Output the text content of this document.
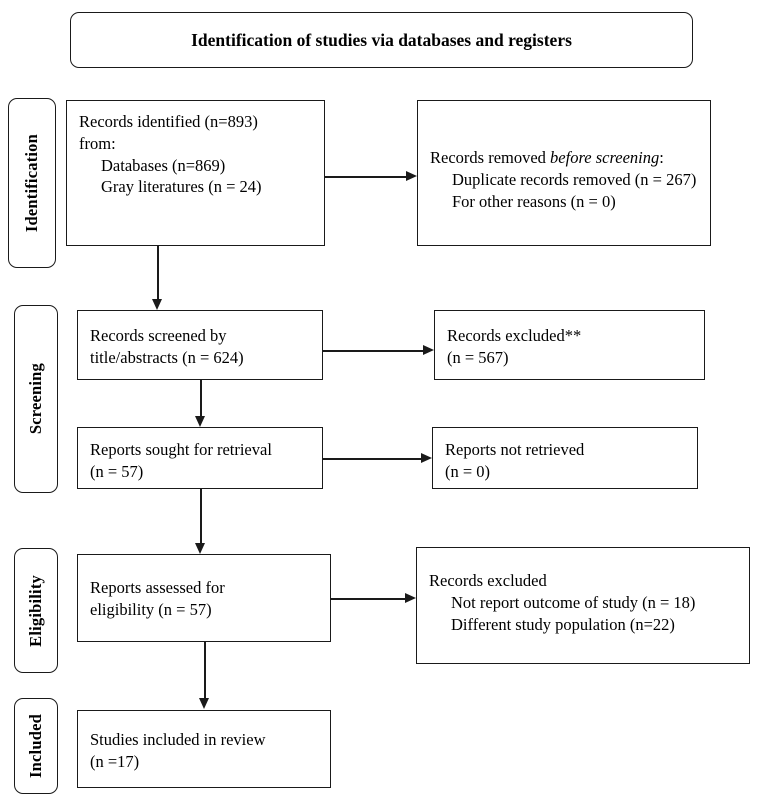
Identification of studies via databases and registers
Identification
Screening
Eligibility
Included
Records identified (n=893)
from:
Databases (n=869)
Gray literatures (n = 24)
Records removed before screening:
Duplicate records removed (n = 267)
For other reasons (n = 0)
Records screened by
title/abstracts (n = 624)
Records excluded**
(n = 567)
Reports sought for retrieval
(n = 57)
Reports not retrieved
(n = 0)
Reports assessed for
eligibility (n = 57)
Records excluded
Not report outcome of study (n = 18)
Different study population (n=22)
Studies included in review
(n =17)
